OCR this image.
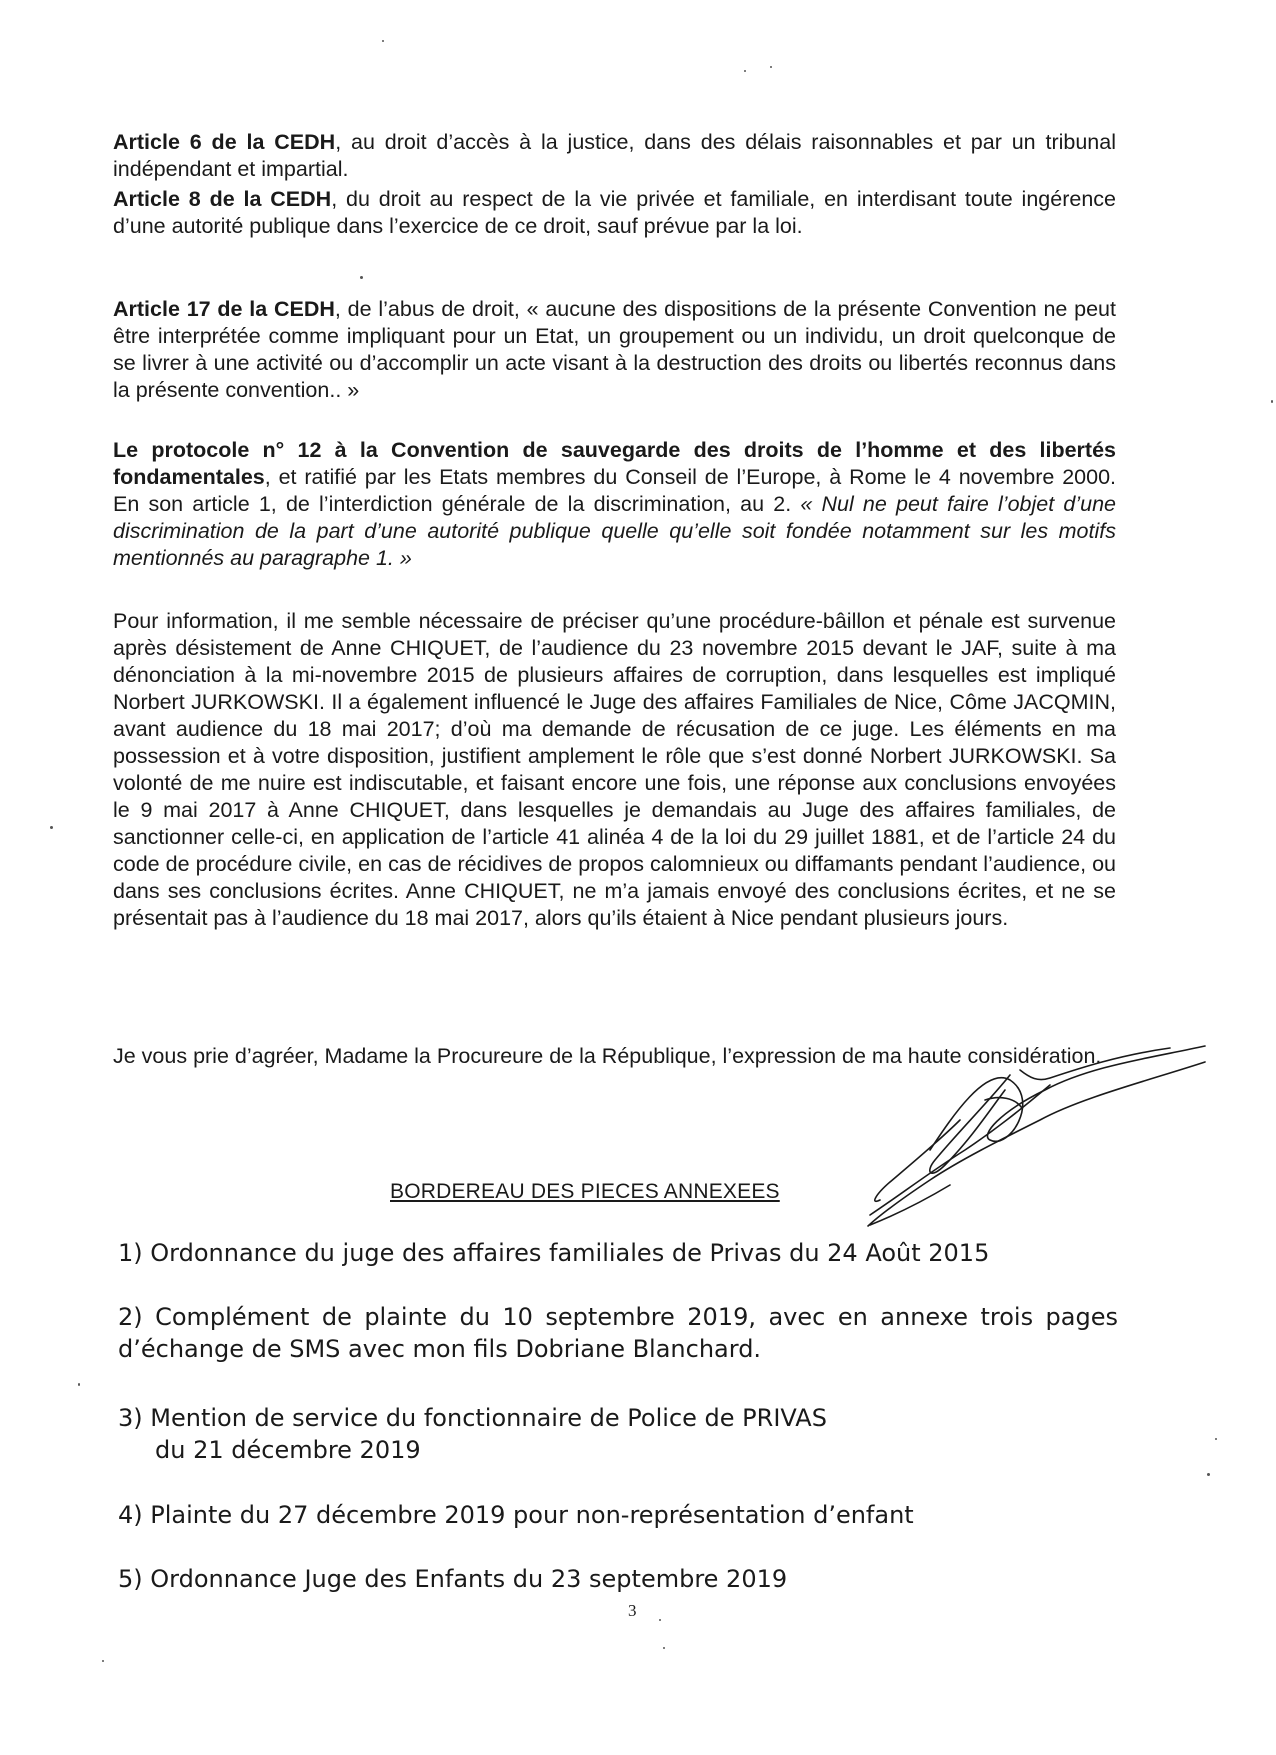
Article 6 de la CEDH, au droit d’accès à la justice, dans des délais raisonnables et par un tribunal indépendant et impartial.

Article 8 de la CEDH, du droit au respect de la vie privée et familiale, en interdisant toute ingérence d’une autorité publique dans l’exercice de ce droit, sauf prévue par la loi.

Article 17 de la CEDH, de l’abus de droit, « aucune des dispositions de la présente Convention ne peut être interprétée comme impliquant pour un Etat, un groupement ou un individu, un droit quelconque de se livrer à une activité ou d’accomplir un acte visant à la destruction des droits ou libertés reconnus dans la présente convention.. »

Le protocole n° 12 à la Convention de sauvegarde des droits de l’homme et des libertés fondamentales, et ratifié par les Etats membres du Conseil de l’Europe, à Rome le 4 novembre 2000. En son article 1, de l’interdiction générale de la discrimination, au 2. « Nul ne peut faire l’objet d’une discrimination de la part d’une autorité publique quelle qu’elle soit fondée notamment sur les motifs mentionnés au paragraphe 1. »

Pour information, il me semble nécessaire de préciser qu’une procédure-bâillon et pénale est survenue après désistement de Anne CHIQUET, de l’audience du 23 novembre 2015 devant le JAF, suite à ma dénonciation à la mi-novembre 2015 de plusieurs affaires de corruption, dans lesquelles est impliqué Norbert JURKOWSKI. Il a également influencé le Juge des affaires Familiales de Nice, Côme JACQMIN, avant audience du 18 mai 2017; d’où ma demande de récusation de ce juge. Les éléments en ma possession et à votre disposition, justifient amplement le rôle que s’est donné Norbert JURKOWSKI. Sa volonté de me nuire est indiscutable, et faisant encore une fois, une réponse aux conclusions envoyées le 9 mai 2017 à Anne CHIQUET, dans lesquelles je demandais au Juge des affaires familiales, de sanctionner celle-ci, en application de l’article 41 alinéa 4 de la loi du 29 juillet 1881, et de l’article 24 du code de procédure civile, en cas de récidives de propos calomnieux ou diffamants pendant l’audience, ou dans ses conclusions écrites. Anne CHIQUET, ne m’a jamais envoyé des conclusions écrites, et ne se présentait pas à l’audience du 18 mai 2017, alors qu’ils étaient à Nice pendant plusieurs jours.

Je vous prie d’agréer, Madame la Procureure de la République, l’expression de ma haute considération.

BORDEREAU DES PIECES ANNEXEES

1) Ordonnance du juge des affaires familiales de Privas du 24 Août 2015

2) Complément de plainte du 10 septembre 2019, avec en annexe trois pages d’échange de SMS avec mon fils Dobriane Blanchard.

3) Mention de service du fonctionnaire de Police de PRIVAS

du 21 décembre 2019

4) Plainte du 27 décembre 2019 pour non-représentation d’enfant

5) Ordonnance Juge des Enfants du 23 septembre 2019

3
